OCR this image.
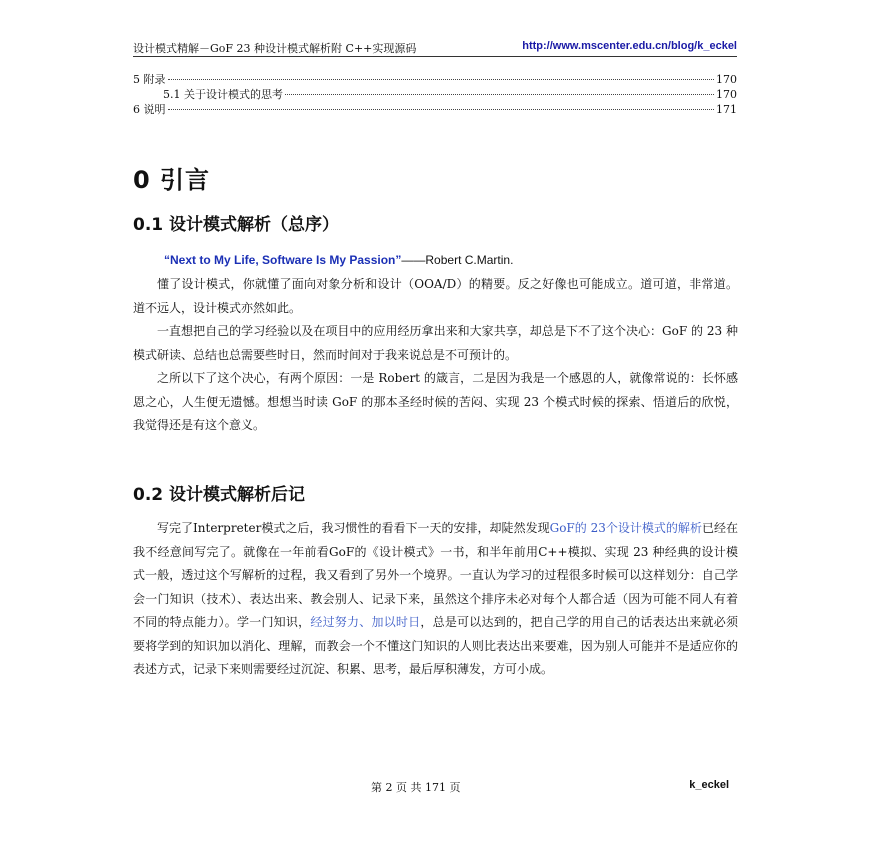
设计模式精解－GoF 23 种设计模式解析附 C++实现源码	http://www.mscenter.edu.cn/blog/k_eckel
5 附录	170
5.1 关于设计模式的思考	170
6 说明	171
0 引言
0.1 设计模式解析（总序）
“Next to My Life, Software Is My Passion”——Robert C.Martin.

懂了设计模式，你就懂了面向对象分析和设计（OOA/D）的精要。反之好像也可能成立。道可道，非常道。道不远人，设计模式亦然如此。

一直想把自己的学习经验以及在项目中的应用经历拿出来和大家共享，却总是下不了这个决心：GoF 的 23 种模式研读、总结也总需要些时日，然而时间对于我来说总是不可预计的。

之所以下了这个决心，有两个原因：一是 Robert 的箴言，二是因为我是一个感恩的人，就像常说的：长怀感恩之心，人生便无遗憾。想想当时读 GoF 的那本圣经时候的苦闷、实现 23 个模式时候的探索、悟道后的欣悦，我觉得还是有这个意义。

0.2 设计模式解析后记

写完了Interpreter模式之后，我习惯性的看看下一天的安排，却陡然发现GoF的 23个设计模式的解析已经在我不经意间写完了。就像在一年前看GoF的《设计模式》一书，和半年前用C++模拟、实现 23 种经典的设计模式一般，透过这个写解析的过程，我又看到了另外一个境界。一直认为学习的过程很多时候可以这样划分：自己学会一门知识（技术）、表达出来、教会别人、记录下来，虽然这个排序未必对每个人都合适（因为可能不同人有着不同的特点能力）。学一门知识，经过努力、加以时日，总是可以达到的，把自己学的用自己的话表达出来就必须要将学到的知识加以消化、理解，而教会一个不懂这门知识的人则比表达出来要难，因为别人可能并不是适应你的表述方式，记录下来则需要经过沉淀、积累、思考，最后厚积薄发，方可小成。

第 2 页 共 171 页	k_eckel
